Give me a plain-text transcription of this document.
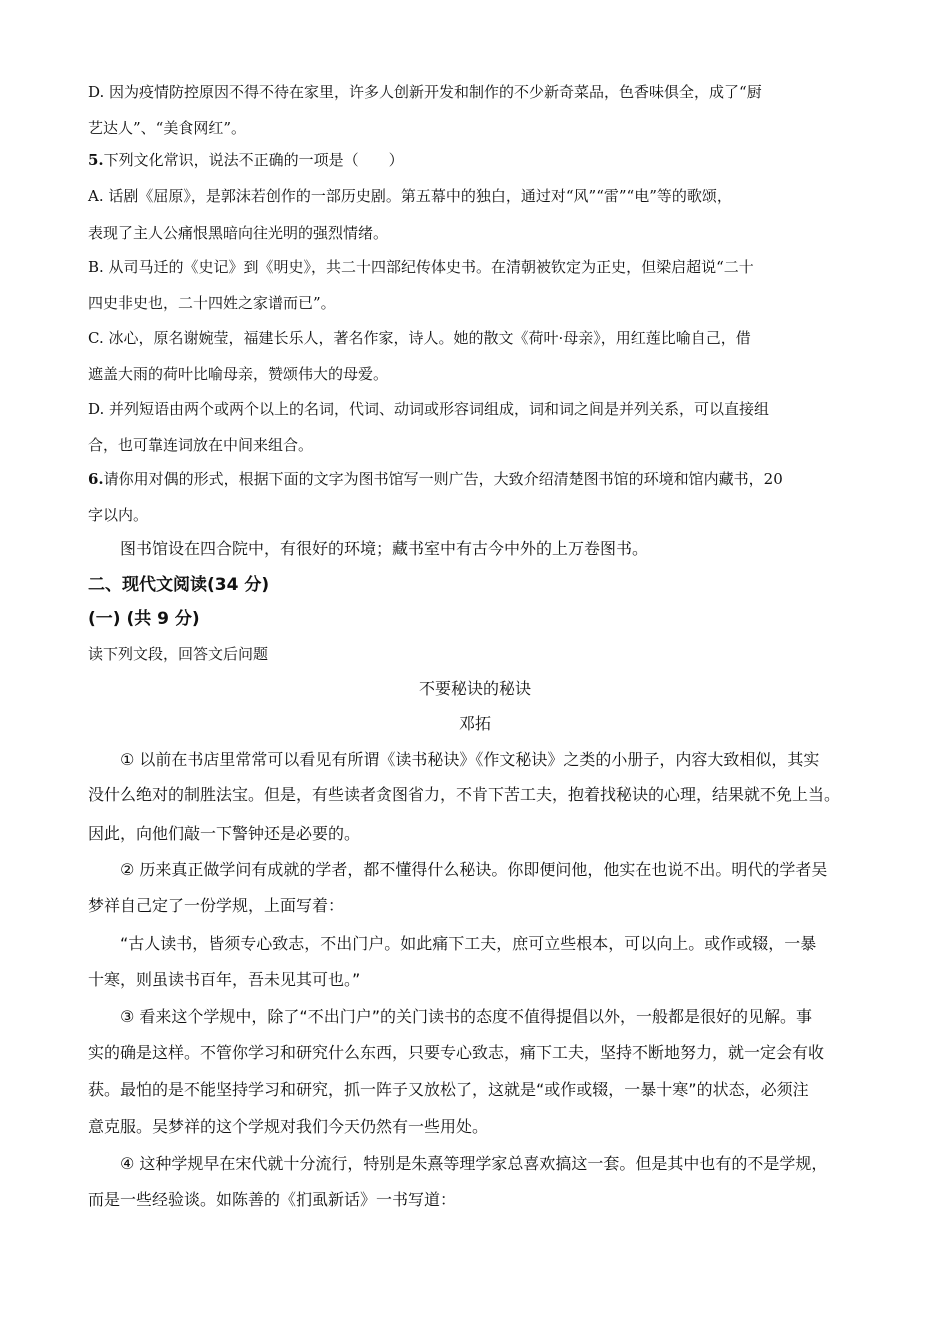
D. 因为疫情防控原因不得不待在家里，许多人创新开发和制作的不少新奇菜品，色香味俱全，成了“厨

艺达人”、“美食网红”。

5.下列文化常识，说法不正确的一项是（　　）

A. 话剧《屈原》，是郭沫若创作的一部历史剧。第五幕中的独白，通过对“风”“雷”“电”等的歌颂，

表现了主人公痛恨黑暗向往光明的强烈情绪。

B. 从司马迁的《史记》到《明史》，共二十四部纪传体史书。在清朝被钦定为正史，但梁启超说“二十

四史非史也，二十四姓之家谱而已”。

C. 冰心，原名谢婉莹，福建长乐人，著名作家，诗人。她的散文《荷叶·母亲》，用红莲比喻自己，借

遮盖大雨的荷叶比喻母亲，赞颂伟大的母爱。

D. 并列短语由两个或两个以上的名词，代词、动词或形容词组成，词和词之间是并列关系，可以直接组

合，也可靠连词放在中间来组合。

6.请你用对偶的形式，根据下面的文字为图书馆写一则广告，大致介绍清楚图书馆的环境和馆内藏书，20

字以内。

图书馆设在四合院中，有很好的环境；藏书室中有古今中外的上万卷图书。

二、现代文阅读(34 分)

(一) (共 9 分)

读下列文段，回答文后问题

不要秘诀的秘诀

邓拓

① 以前在书店里常常可以看见有所谓《读书秘诀》《作文秘诀》之类的小册子，内容大致相似，其实

没什么绝对的制胜法宝。但是，有些读者贪图省力，不肯下苦工夫，抱着找秘诀的心理，结果就不免上当。

因此，向他们敲一下警钟还是必要的。

② 历来真正做学问有成就的学者，都不懂得什么秘诀。你即便问他，他实在也说不出。明代的学者吴

梦祥自己定了一份学规，上面写着：

“古人读书，皆须专心致志，不出门户。如此痛下工夫，庶可立些根本，可以向上。或作或辍，一暴

十寒，则虽读书百年，吾未见其可也。”

③ 看来这个学规中，除了“不出门户”的关门读书的态度不值得提倡以外，一般都是很好的见解。事

实的确是这样。不管你学习和研究什么东西，只要专心致志，痛下工夫，坚持不断地努力，就一定会有收

获。最怕的是不能坚持学习和研究，抓一阵子又放松了，这就是“或作或辍，一暴十寒”的状态，必须注

意克服。吴梦祥的这个学规对我们今天仍然有一些用处。

④ 这种学规早在宋代就十分流行，特别是朱熹等理学家总喜欢搞这一套。但是其中也有的不是学规，

而是一些经验谈。如陈善的《扪虱新话》一书写道：
